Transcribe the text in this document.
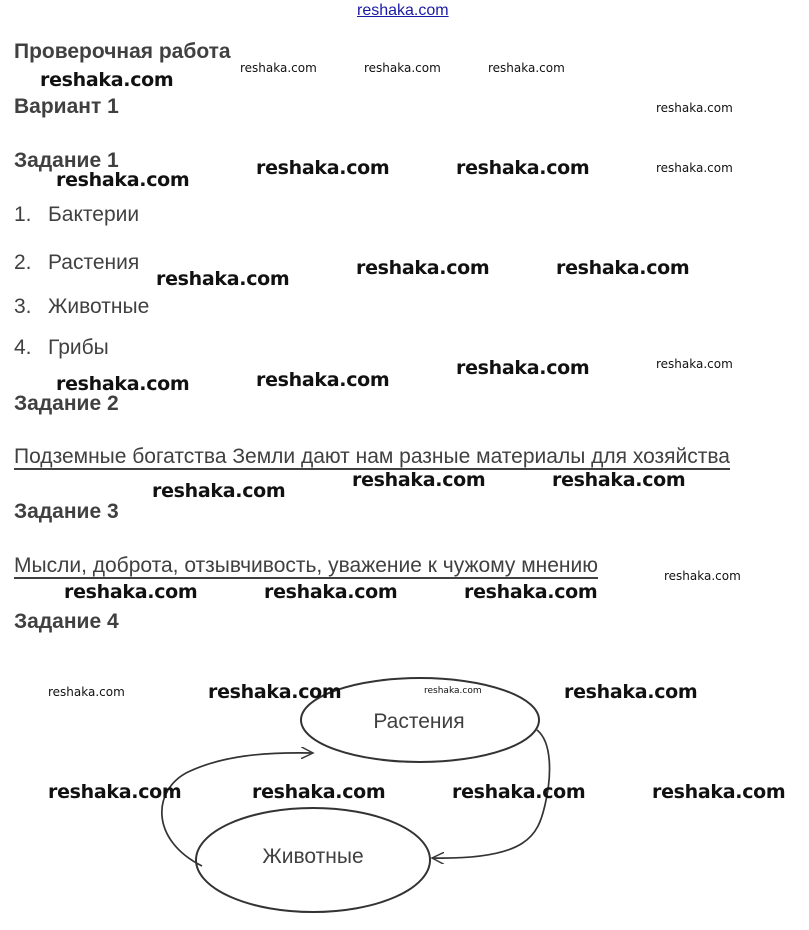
reshaka.com
Проверочная работа
Вариант 1
Задание 1
1. Бактерии
2. Растения
3. Животные
4. Грибы
Задание 2
Подземные богатства Земли дают нам разные материалы для хозяйства
Задание 3
Мысли, доброта, отзывчивость, уважение к чужому мнению
Задание 4
Растения
Животные
reshaka.com
reshaka.com	reshaka.com	reshaka.com
reshaka.com
reshaka.com
reshaka.com	reshaka.com	reshaka.com
reshaka.com	reshaka.com	reshaka.com
reshaka.com	reshaka.com
reshaka.com	reshaka.com
reshaka.com	reshaka.com	reshaka.com
reshaka.com
reshaka.com	reshaka.com	reshaka.com
reshaka.com	reshaka.com	reshaka.com	reshaka.com
reshaka.com	reshaka.com	reshaka.com	reshaka.com
